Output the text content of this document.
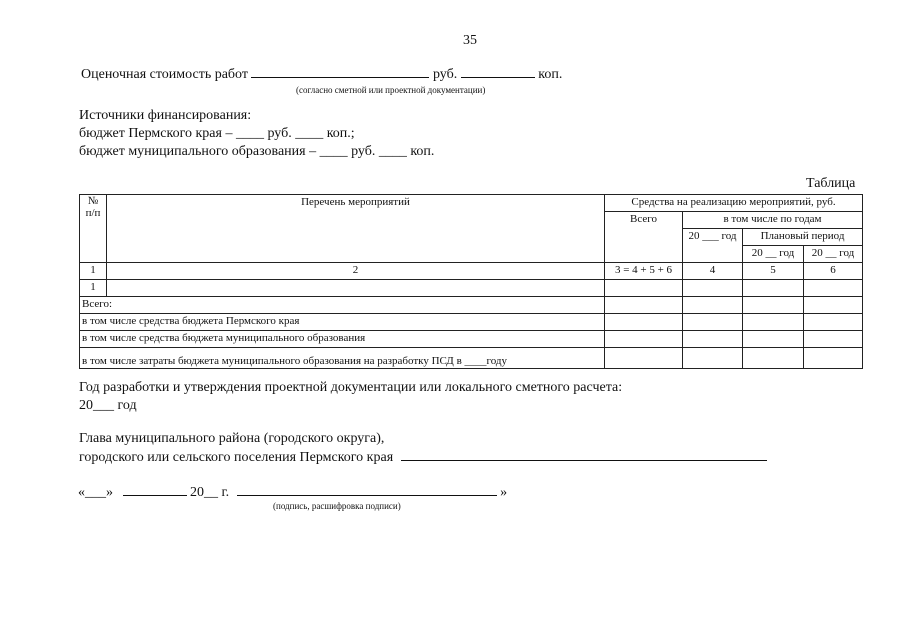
35
Оценочная стоимость работ	руб.	коп.
(согласно сметной или проектной документации)
Источники финансирования:
бюджет Пермского края – ____ руб. ____ коп.;
бюджет муниципального образования – ____ руб. ____ коп.
Таблица
№
п/п	Перечень мероприятий	Средства на реализацию мероприятий, руб.			
		Всего	в том числе по годам		
			20 ___ год	Плановый период	
				20 __ год	20 __ год
1	2	3 = 4 + 5 + 6	4	5	6
1					
Всего:					
в том числе средства бюджета Пермского края					
в том числе средства бюджета муниципального образования					
в том числе затраты бюджета муниципального образования на разработку ПСД в ____году					
Год разработки и утверждения проектной документации или локального сметного расчета:
20___ год
Глава муниципального района (городского округа),
городского или сельского поселения Пермского края
«___»	20__ г.	»
(подпись, расшифровка подписи)
